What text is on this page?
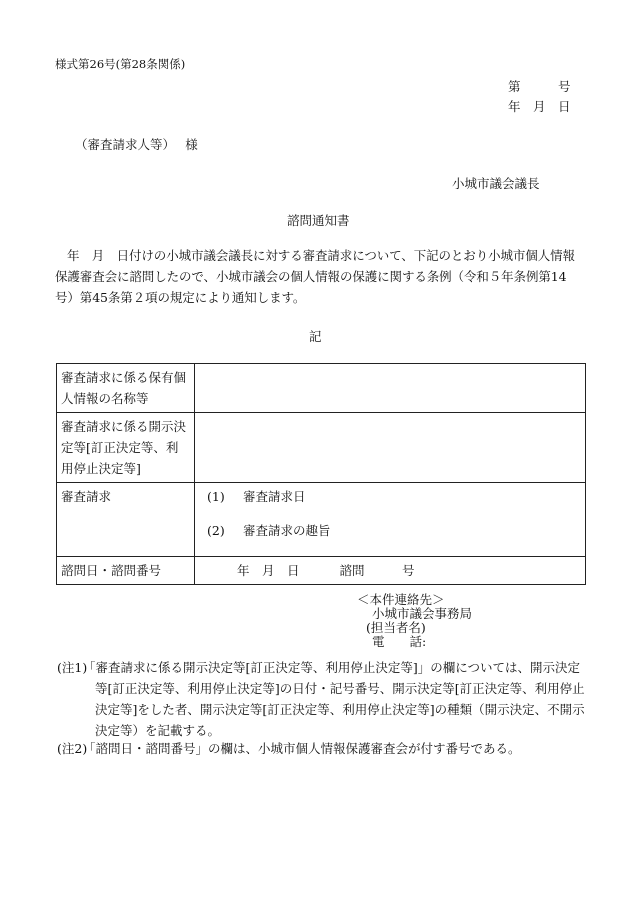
様式第26号(第28条関係)
第　　　号
年　月　日
（審査請求人等）　 様
小城市議会議長
諮問通知書
年　月　日付けの小城市議会議長に対する審査請求について、下記のとおり小城市個人情報保護審査会に諮問したので、小城市議会の個人情報の保護に関する条例（令和５年条例第14号）第45条第２項の規定により通知します。
記
審査請求に係る保有個人情報の名称等	
審査請求に係る開示決定等[訂正決定等、利用停止決定等]	
審査請求	(1) 審査請求日
(2) 審査請求の趣旨

諮問日・諮問番号	年　月　日 諮問　　　号
＜本件連絡先＞
小城市議会事務局
(担当者名)
電　　話:
(注1)
「審査請求に係る開示決定等[訂正決定等、利用停止決定等]」の欄については、開示決定等[訂正決定等、利用停止決定等]の日付・記号番号、開示決定等[訂正決定等、利用停止決定等]をした者、開示決定等[訂正決定等、利用停止決定等]の種類（開示決定、不開示決定等）を記載する。
(注2)
「諮問日・諮問番号」の欄は、小城市個人情報保護審査会が付す番号である。
